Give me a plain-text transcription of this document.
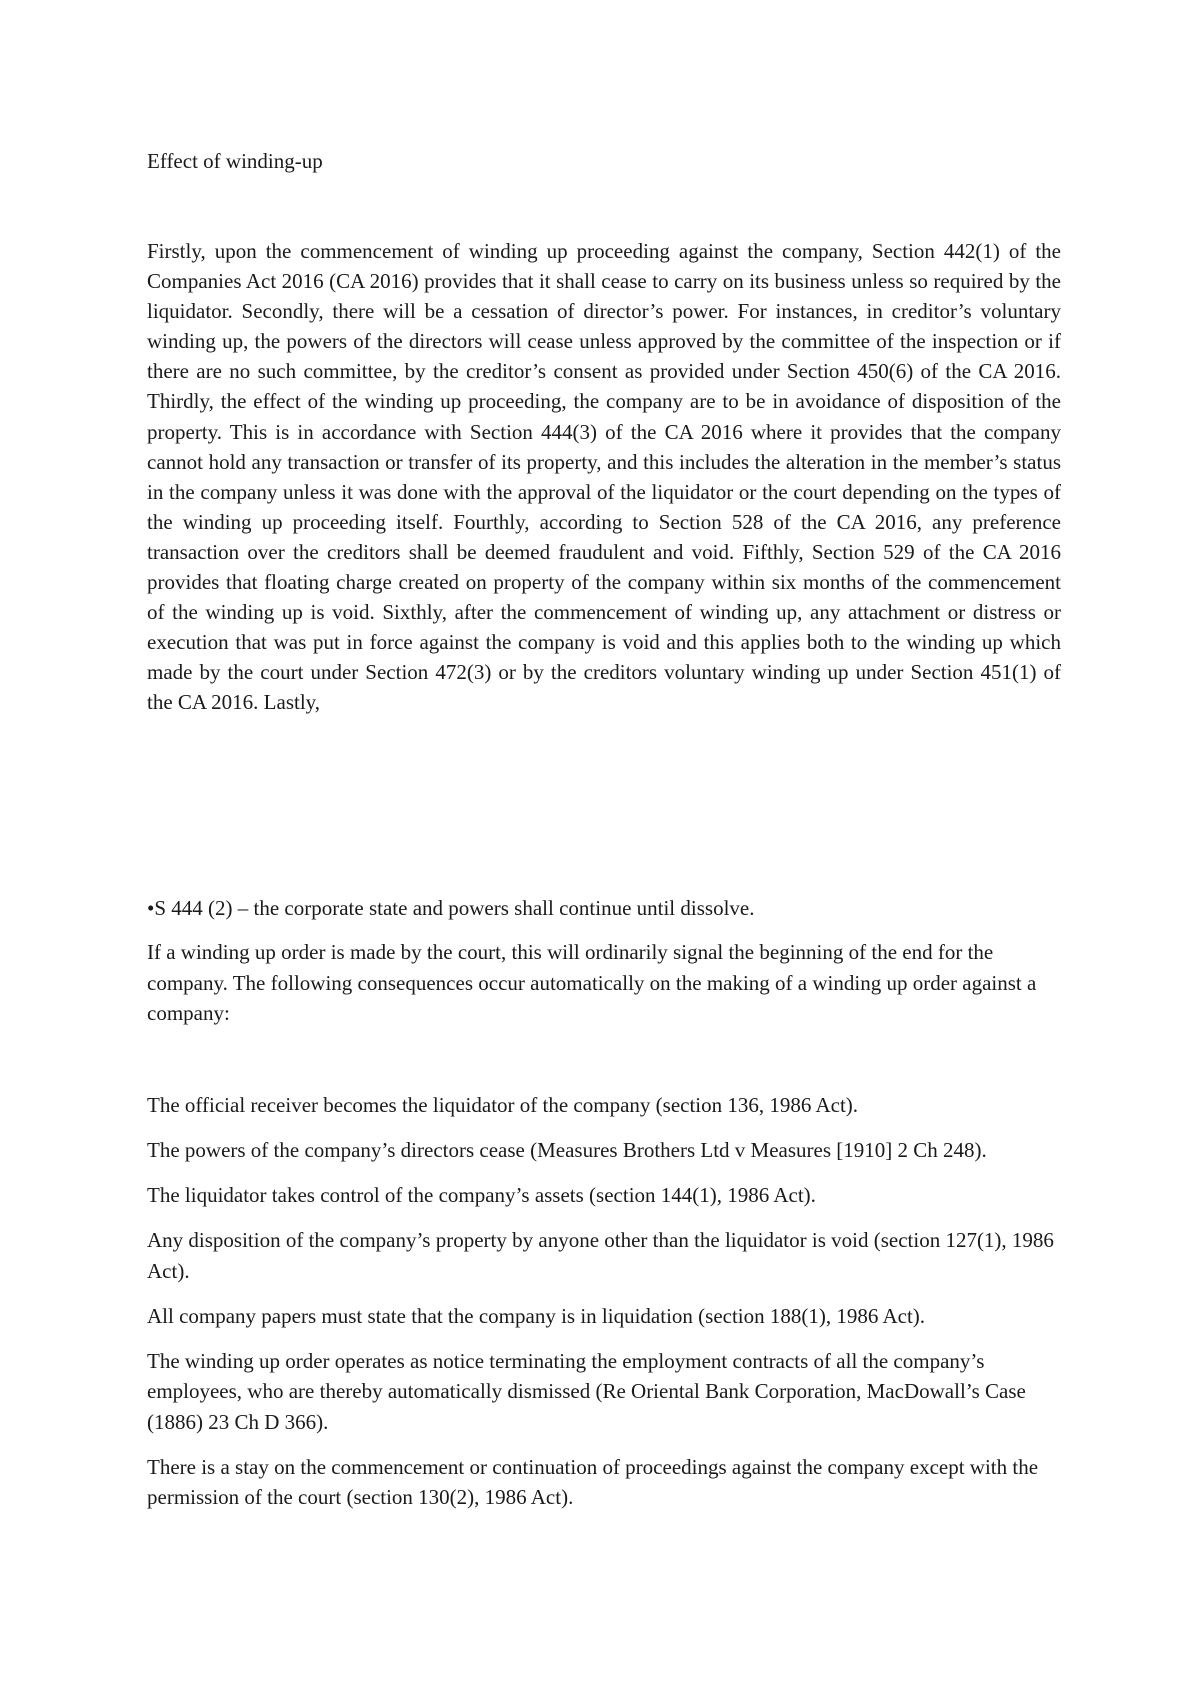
Effect of winding-up

Firstly, upon the commencement of winding up proceeding against the company, Section 442(1) of the Companies Act 2016 (CA 2016) provides that it shall cease to carry on its business unless so required by the liquidator. Secondly, there will be a cessation of director’s power. For instances, in creditor’s voluntary winding up, the powers of the directors will cease unless approved by the committee of the inspection or if there are no such committee, by the creditor’s consent as provided under Section 450(6) of the CA 2016. Thirdly, the effect of the winding up proceeding, the company are to be in avoidance of disposition of the property. This is in accordance with Section 444(3) of the CA 2016 where it provides that the company cannot hold any transaction or transfer of its property, and this includes the alteration in the member’s status in the company unless it was done with the approval of the liquidator or the court depending on the types of the winding up proceeding itself. Fourthly, according to Section 528 of the CA 2016, any preference transaction over the creditors shall be deemed fraudulent and void. Fifthly, Section 529 of the CA 2016 provides that floating charge created on property of the company within six months of the commencement of the winding up is void. Sixthly, after the commencement of winding up, any attachment or distress or execution that was put in force against the company is void and this applies both to the winding up which made by the court under Section 472(3) or by the creditors voluntary winding up under Section 451(1) of the CA 2016. Lastly,

•S 444 (2) – the corporate state and powers shall continue until dissolve.

If a winding up order is made by the court, this will ordinarily signal the beginning of the end for the company. The following consequences occur automatically on the making of a winding up order against a company:

The official receiver becomes the liquidator of the company (section 136, 1986 Act).
The powers of the company’s directors cease (Measures Brothers Ltd v Measures [1910] 2 Ch 248).
The liquidator takes control of the company’s assets (section 144(1), 1986 Act).
Any disposition of the company’s property by anyone other than the liquidator is void (section 127(1), 1986 Act).
All company papers must state that the company is in liquidation (section 188(1), 1986 Act).
The winding up order operates as notice terminating the employment contracts of all the company’s employees, who are thereby automatically dismissed (Re Oriental Bank Corporation, MacDowall’s Case (1886) 23 Ch D 366).
There is a stay on the commencement or continuation of proceedings against the company except with the permission of the court (section 130(2), 1986 Act).
